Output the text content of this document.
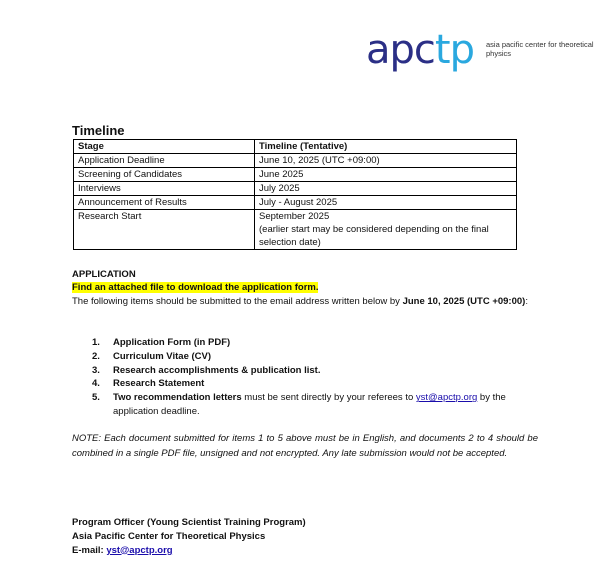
apctp asia pacific center for theoretical physics
Timeline
Stage	Timeline (Tentative)
Application Deadline	June 10, 2025 (UTC +09:00)
Screening of Candidates	June 2025
Interviews	July 2025
Announcement of Results	July - August 2025
Research Start	September 2025
(earlier start may be considered depending on the final selection date)
APPLICATION
Find an attached file to download the application form.
The following items should be submitted to the email address written below by June 10, 2025 (UTC +09:00):
1. Application Form (in PDF)
2. Curriculum Vitae (CV)
3. Research accomplishments & publication list.
4. Research Statement
5. Two recommendation letters must be sent directly by your referees to yst@apctp.org by the application deadline.
NOTE: Each document submitted for items 1 to 5 above must be in English, and documents 2 to 4 should be combined in a single PDF file, unsigned and not encrypted. Any late submission would not be accepted.
Program Officer (Young Scientist Training Program)
Asia Pacific Center for Theoretical Physics
E-mail: yst@apctp.org
